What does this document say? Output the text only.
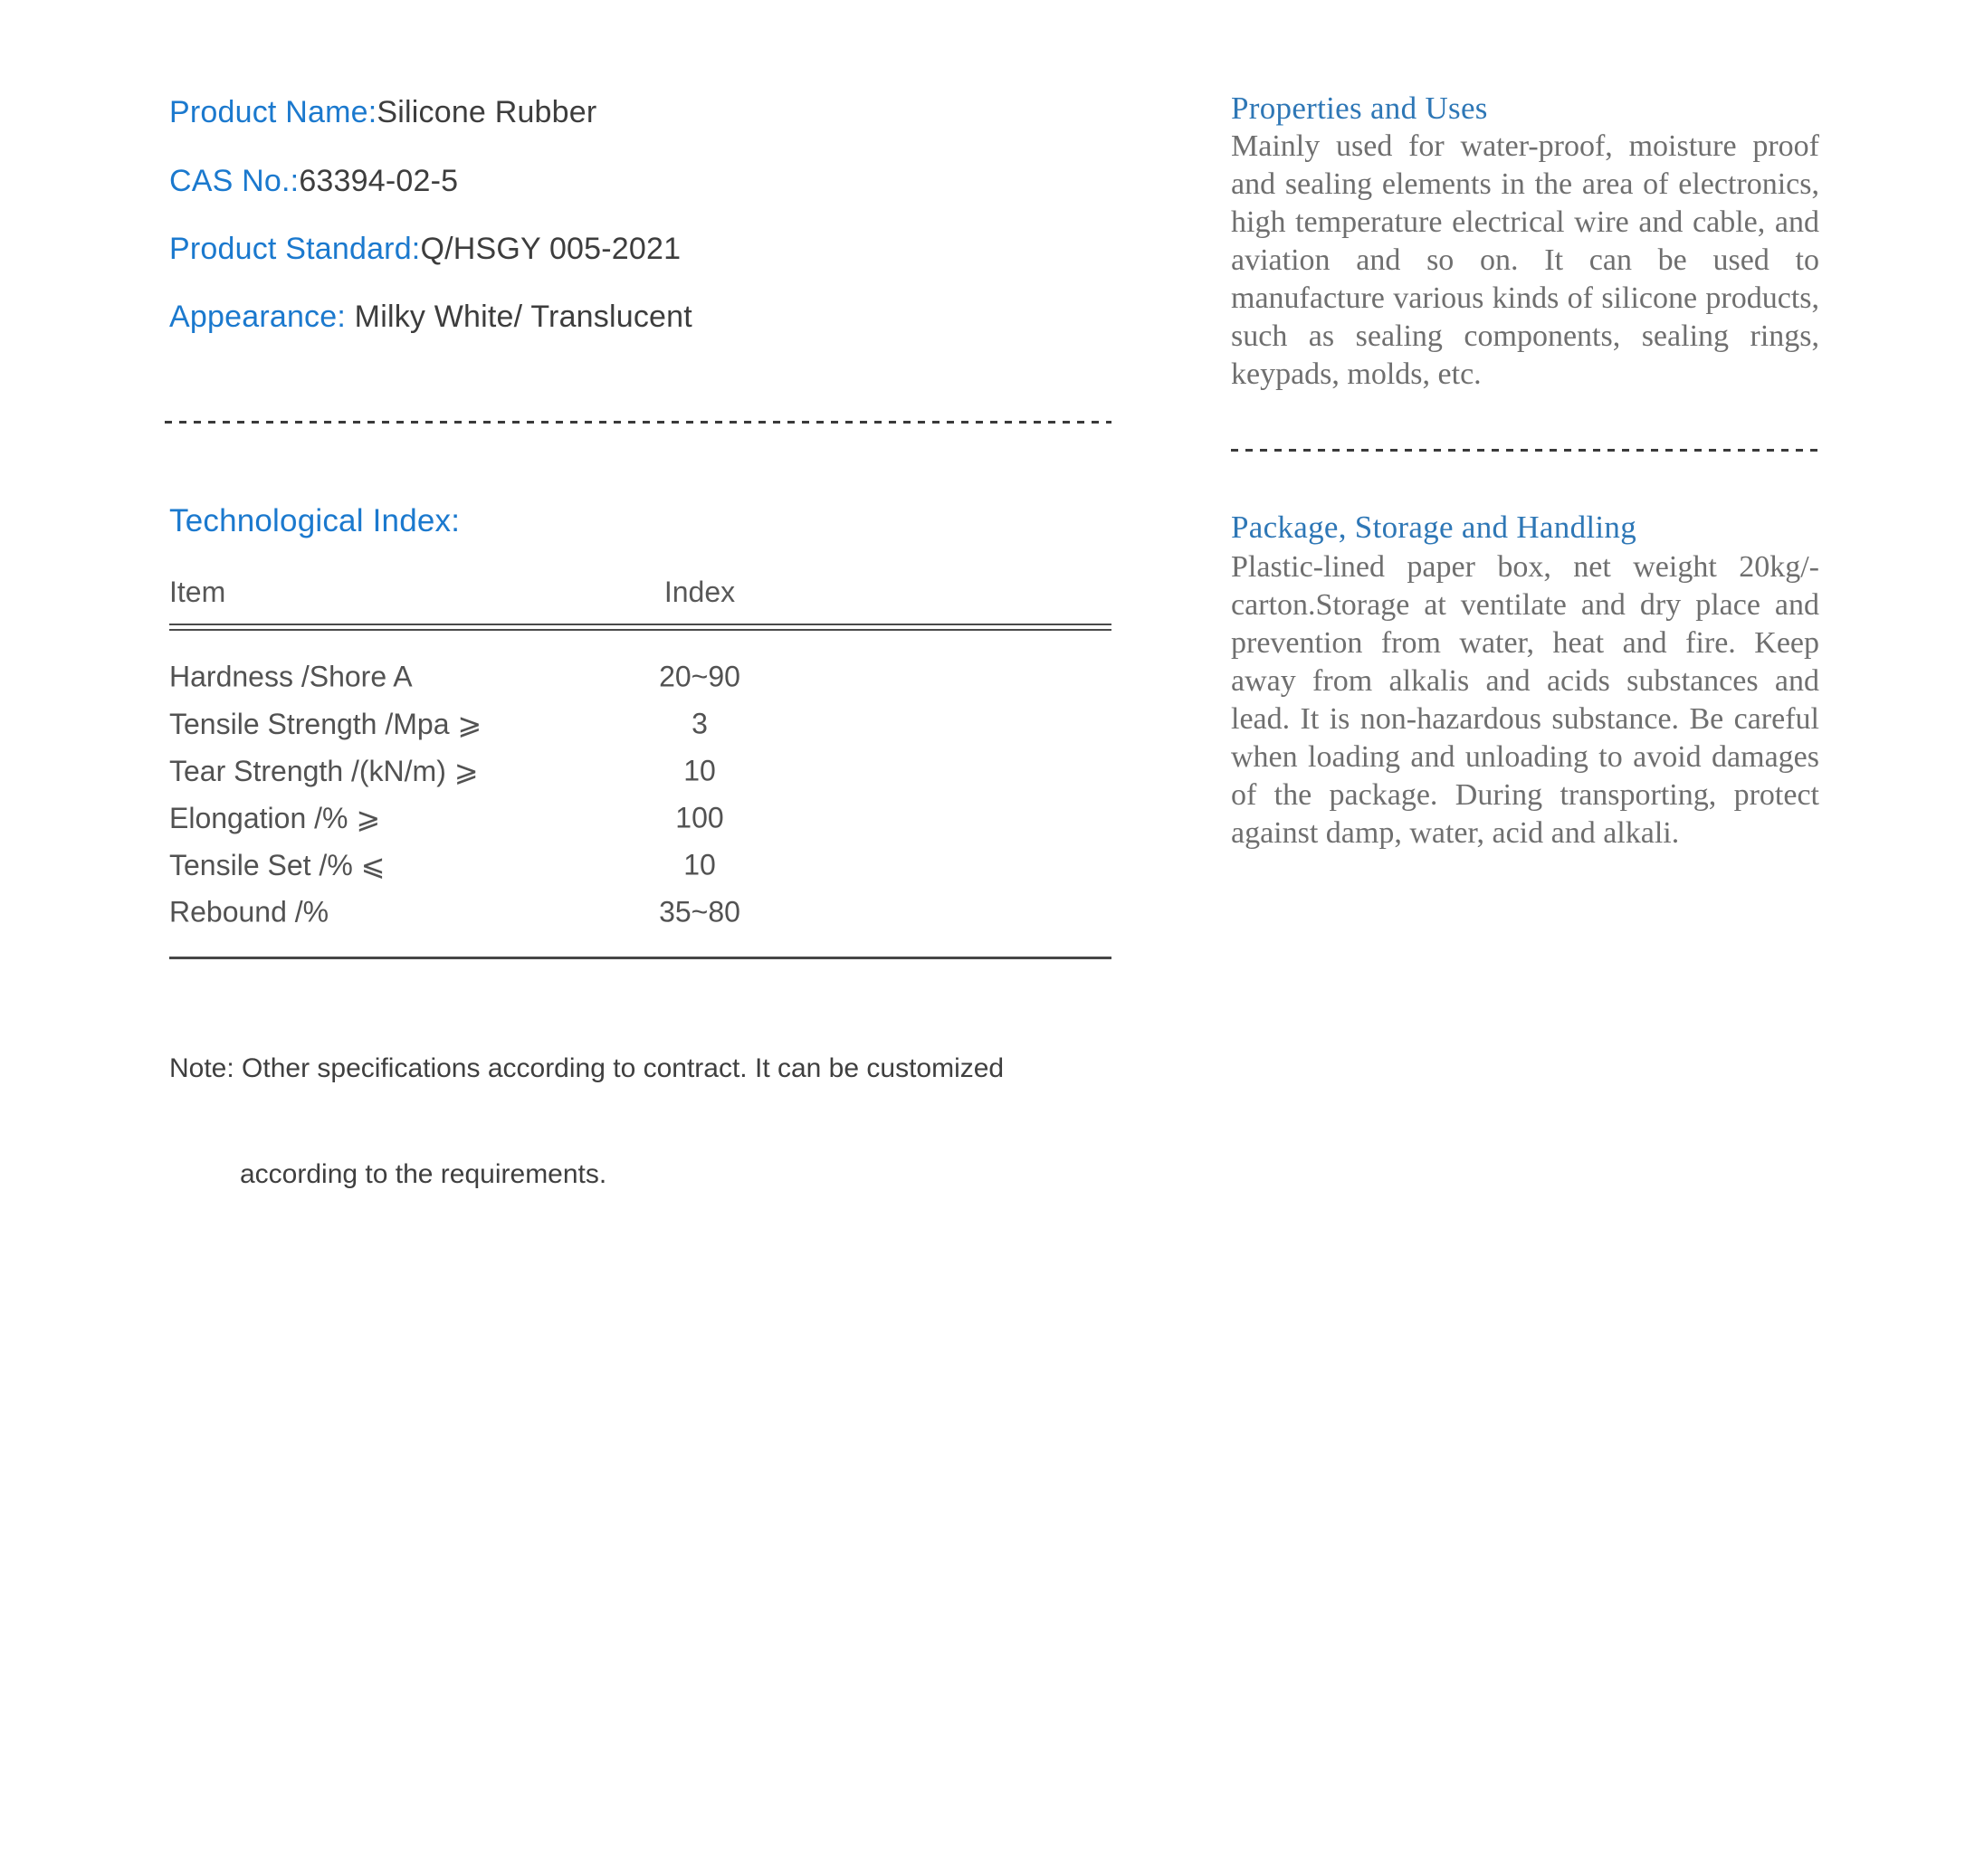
Product Name:Silicone Rubber
CAS No.:63394-02-5
Product Standard:Q/HSGY 005-2021
Appearance: Milky White/ Translucent
Technological Index:
Item	Index
Hardness /Shore A	20~90
Tensile Strength /Mpa ⩾	3
Tear Strength /(kN/m) ⩾	10
Elongation /% ⩾	100
Tensile Set /% ⩽	10
Rebound /%	35~80

Note: Other specifications according to contract. It can be customized

according to the requirements.

Properties and Uses
Mainly used for water-proof, moisture proof and sealing elements in the area of electronics, high temperature electrical wire and cable, and aviation and so on. It can be used to manufacture various kinds of silicone products, such as sealing components, sealing rings, keypads, molds, etc.
Package, Storage and Handling
Plastic-lined paper box, net weight 20kg/-carton.Storage at ventilate and dry place and prevention from water, heat and fire. Keep away from alkalis and acids substances and lead. It is non-hazardous substance. Be careful when loading and unloading to avoid damages of the package. During transporting, protect against damp, water, acid and alkali.
